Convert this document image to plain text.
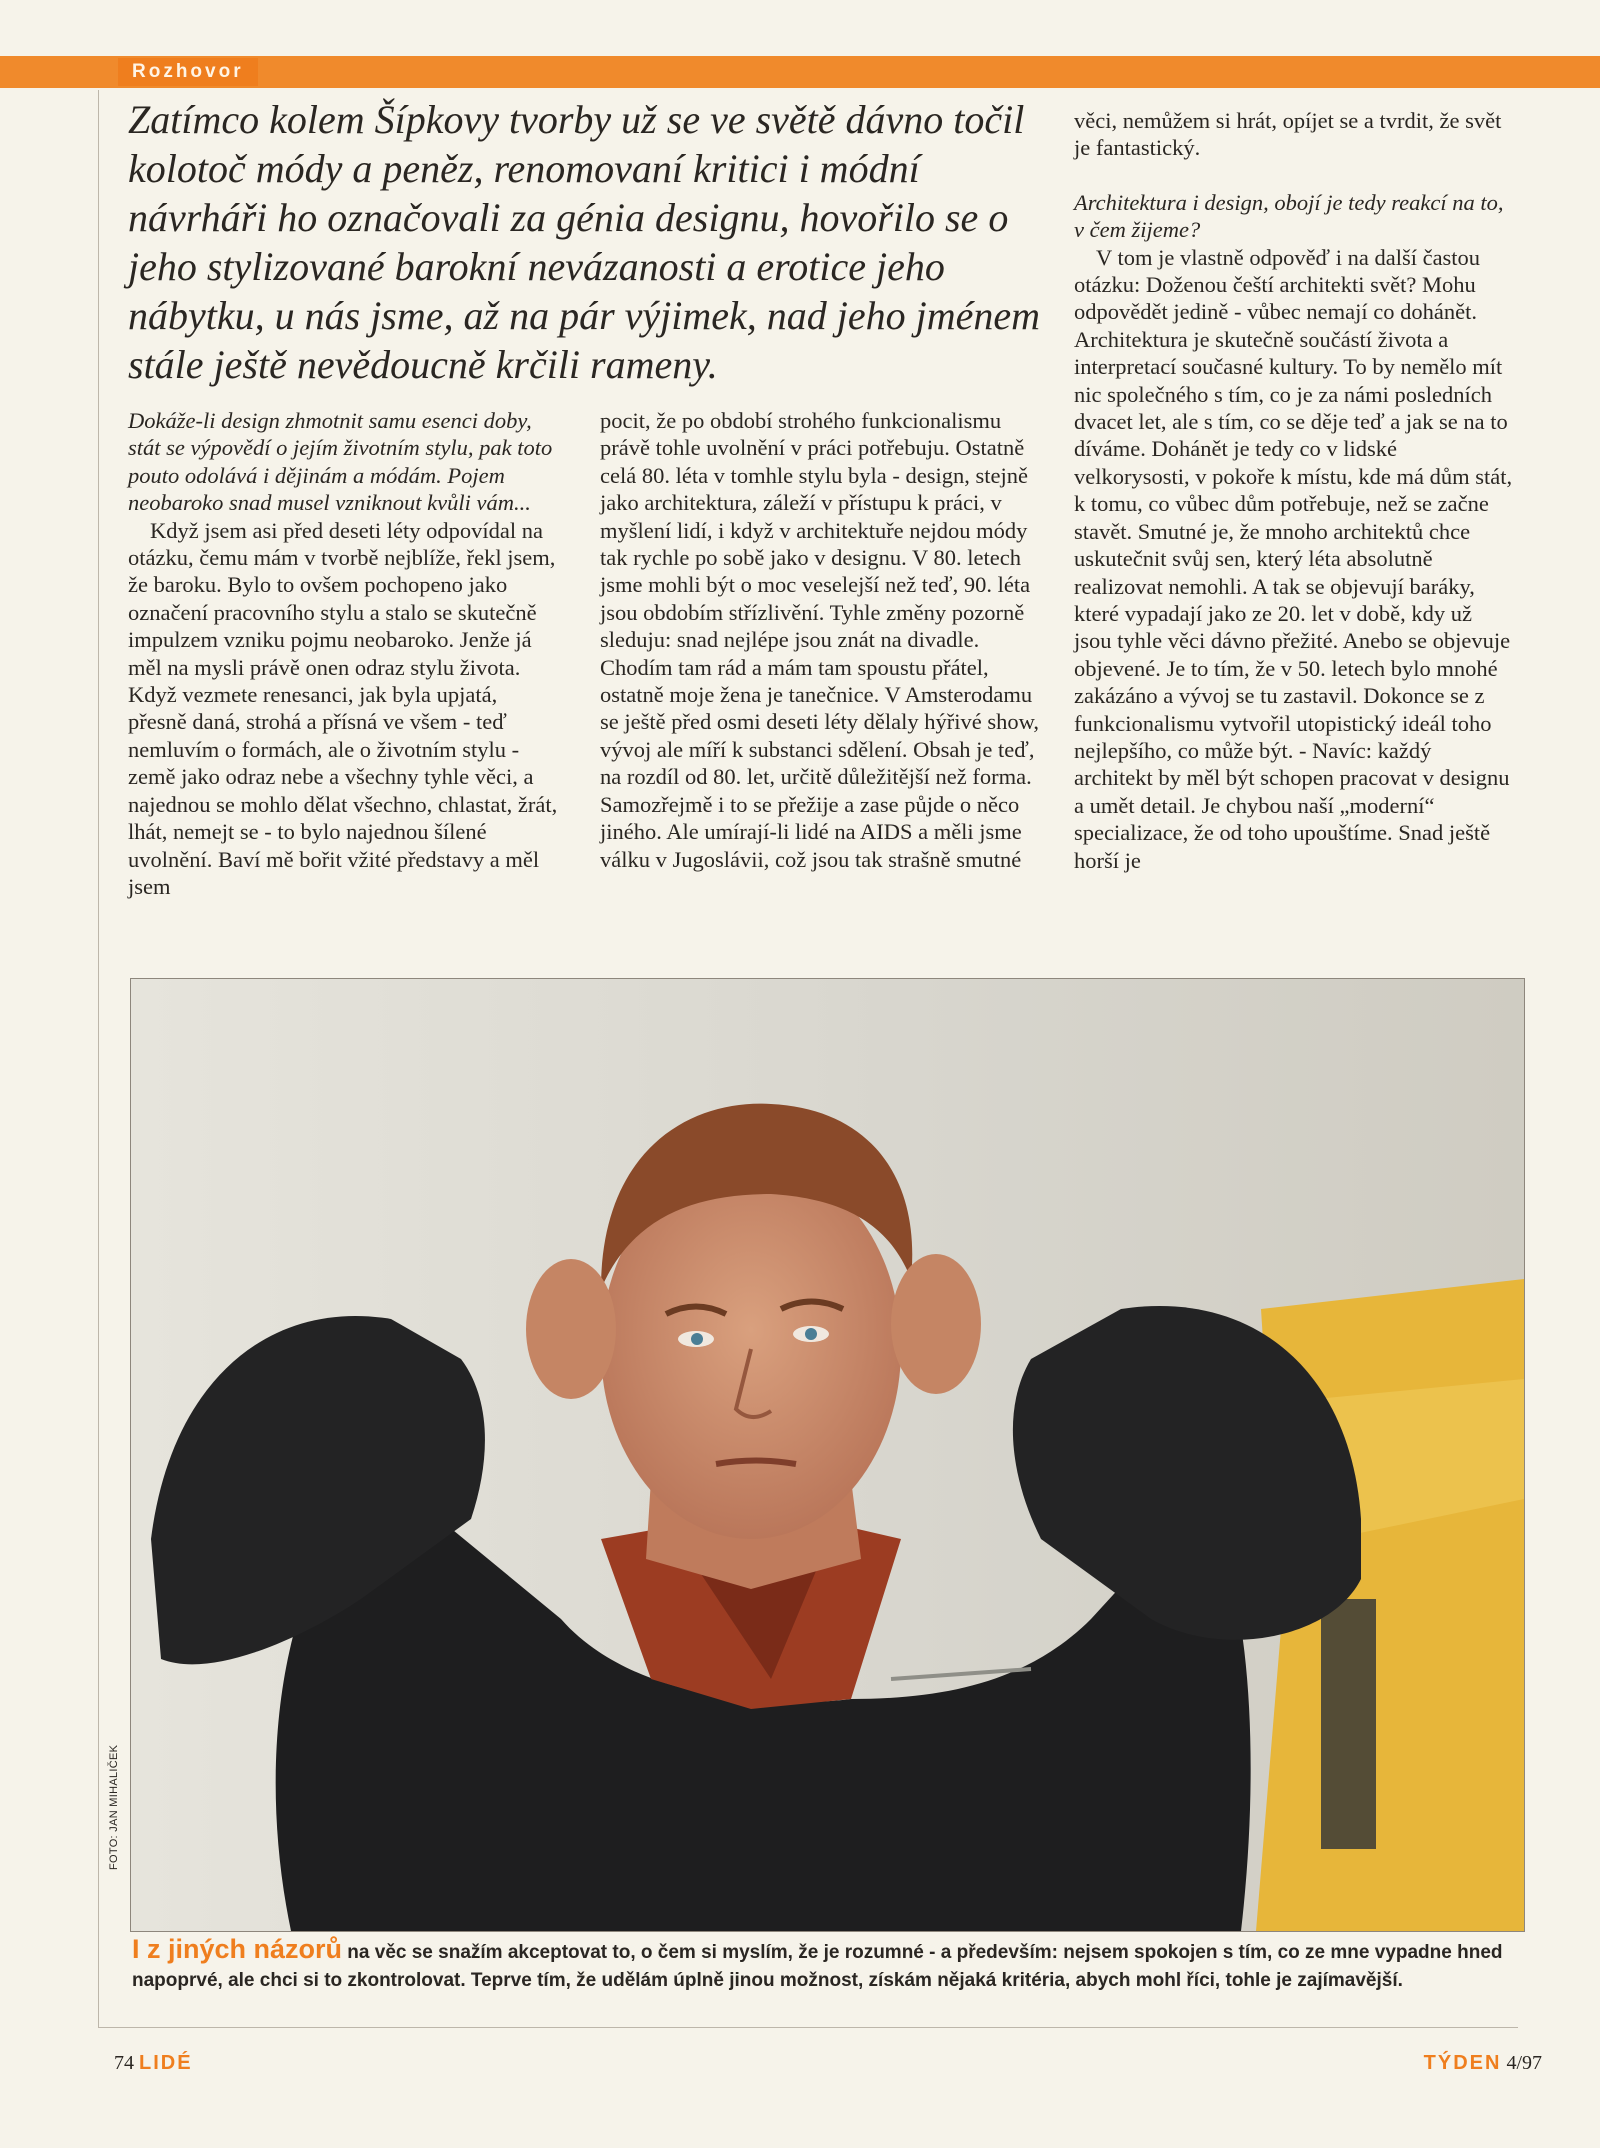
Rozhovor

Zatímco kolem Šípkovy tvorby už se ve světě dávno točil kolotoč módy a peněz, renomovaní kritici i módní návrháři ho označovali za génia designu, hovořilo se o jeho stylizované barokní nevázanosti a erotice jeho nábytku, u nás jsme, až na pár výjimek, nad jeho jménem stále ještě nevědoucně krčili rameny.

Dokáže-li design zhmotnit samu esenci doby, stát se výpovědí o jejím životním stylu, pak toto pouto odolává i dějinám a módám. Pojem neobaroko snad musel vzniknout kvůli vám...

Když jsem asi před deseti léty odpovídal na otázku, čemu mám v tvorbě nejblíže, řekl jsem, že baroku. Bylo to ovšem pochopeno jako označení pracovního stylu a stalo se skutečně impulzem vzniku pojmu neobaroko. Jenže já měl na mysli právě onen odraz stylu života. Když vezmete renesanci, jak byla upjatá, přesně daná, strohá a přísná ve všem - teď nemluvím o formách, ale o životním stylu - země jako odraz nebe a všechny tyhle věci, a najednou se mohlo dělat všechno, chlastat, žrát, lhát, nemejt se - to bylo najednou šílené uvolnění. Baví mě bořit vžité představy a měl jsem

pocit, že po období strohého funkcionalismu právě tohle uvolnění v práci potřebuju. Ostatně celá 80. léta v tomhle stylu byla - design, stejně jako architektura, záleží v přístupu k práci, v myšlení lidí, i když v architektuře nejdou módy tak rychle po sobě jako v designu. V 80. letech jsme mohli být o moc veselejší než teď, 90. léta jsou obdobím střízlivění. Tyhle změny pozorně sleduju: snad nejlépe jsou znát na divadle. Chodím tam rád a mám tam spoustu přátel, ostatně moje žena je tanečnice. V Amsterodamu se ještě před osmi deseti léty dělaly hýřivé show, vývoj ale míří k substanci sdělení. Obsah je teď, na rozdíl od 80. let, určitě důležitější než forma. Samozřejmě i to se přežije a zase půjde o něco jiného. Ale umírají-li lidé na AIDS a měli jsme válku v Jugoslávii, což jsou tak strašně smutné

věci, nemůžem si hrát, opíjet se a tvrdit, že svět je fantastický.

Architektura i design, obojí je tedy reakcí na to, v čem žijeme?

V tom je vlastně odpověď i na další častou otázku: Doženou čeští architekti svět? Mohu odpovědět jedině - vůbec nemají co dohánět. Architektura je skutečně součástí života a interpretací současné kultury. To by nemělo mít nic společného s tím, co je za námi posledních dvacet let, ale s tím, co se děje teď a jak se na to díváme. Dohánět je tedy co v lidské velkorysosti, v pokoře k místu, kde má dům stát, k tomu, co vůbec dům potřebuje, než se začne stavět. Smutné je, že mnoho architektů chce uskutečnit svůj sen, který léta absolutně realizovat nemohli. A tak se objevují baráky, které vypadají jako ze 20. let v době, kdy už jsou tyhle věci dávno přežité. Anebo se objevuje objevené. Je to tím, že v 50. letech bylo mnohé zakázáno a vývoj se tu zastavil. Dokonce se z funkcionalismu vytvořil utopistický ideál toho nejlepšího, co může být. - Navíc: každý architekt by měl být schopen pracovat v designu a umět detail. Je chybou naší „moderní“ specializace, že od toho upouštíme. Snad ještě horší je

FOTO: JAN MIHALIČEK
I z jiných názorů na věc se snažím akceptovat to, o čem si myslím, že je rozumné - a především: nejsem spokojen s tím, co ze mne vypadne hned napoprvé, ale chci si to zkontrolovat. Teprve tím, že udělám úplně jinou možnost, získám nějaká kritéria, abych mohl říci, tohle je zajímavější.
74 LIDÉ	TÝDEN 4/97
